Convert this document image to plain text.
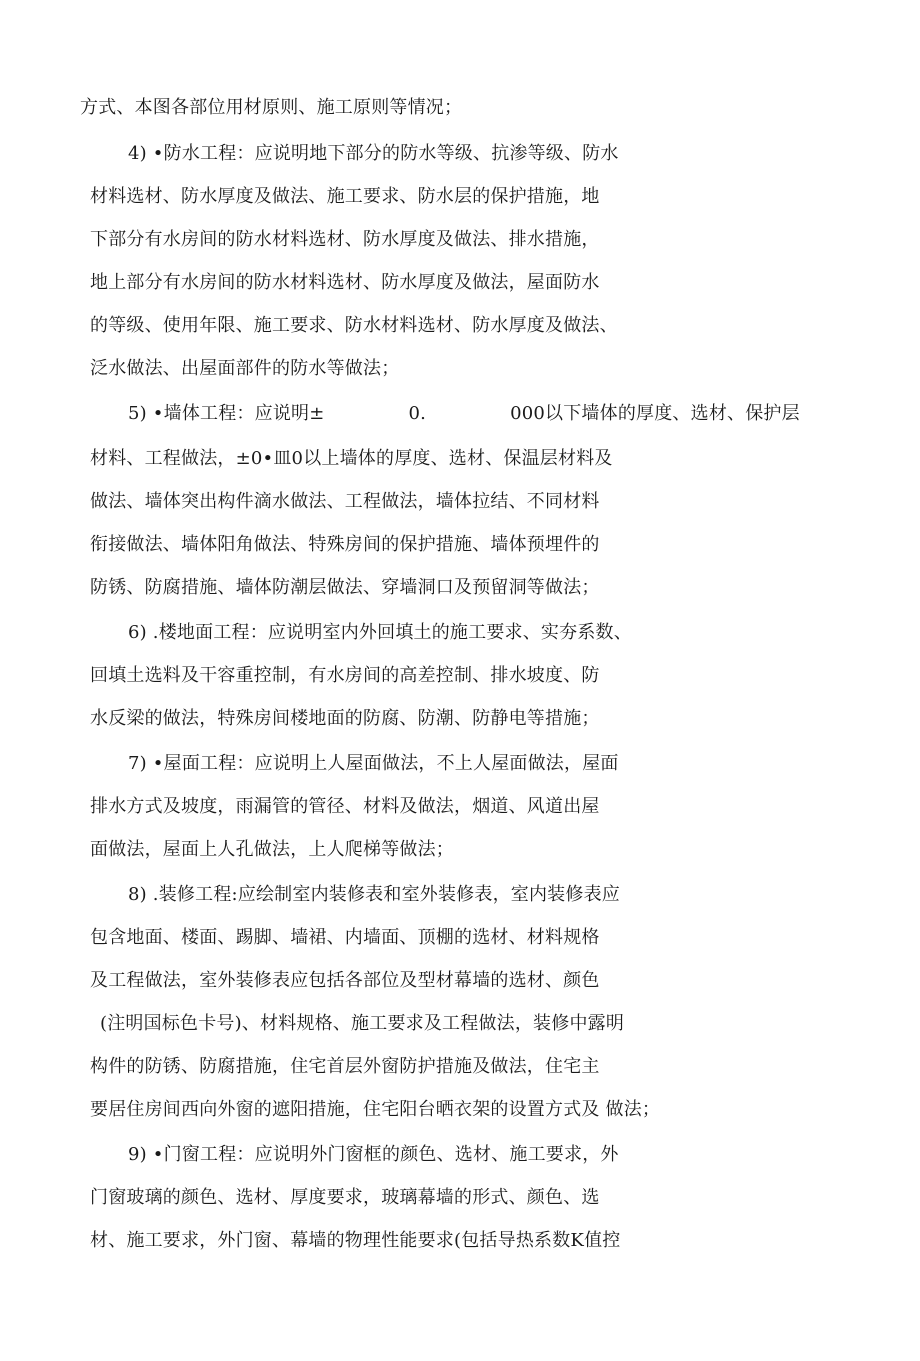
方式、本图各部位用材原则、施工原则等情况；
4) •防水工程：应说明地下部分的防水等级、抗渗等级、防水
材料选材、防水厚度及做法、施工要求、防水层的保护措施，地
下部分有水房间的防水材料选材、防水厚度及做法、排水措施，
地上部分有水房间的防水材料选材、防水厚度及做法，屋面防水
的等级、使用年限、施工要求、防水材料选材、防水厚度及做法、
泛水做法、出屋面部件的防水等做法；
5) •墙体工程：应说明±	0.	000以下墙体的厚度、选材、保护层
材料、工程做法，±0•皿0以上墙体的厚度、选材、保温层材料及
做法、墙体突出构件滴水做法、工程做法，墙体拉结、不同材料
衔接做法、墙体阳角做法、特殊房间的保护措施、墙体预埋件的
防锈、防腐措施、墙体防潮层做法、穿墙洞口及预留洞等做法；
6) .楼地面工程：应说明室内外回填土的施工要求、实夯系数、
回填土选料及干容重控制，有水房间的高差控制、排水坡度、防
水反梁的做法，特殊房间楼地面的防腐、防潮、防静电等措施；
7) •屋面工程：应说明上人屋面做法，不上人屋面做法，屋面
排水方式及坡度，雨漏管的管径、材料及做法，烟道、风道出屋
面做法，屋面上人孔做法，上人爬梯等做法；
8) .装修工程:应绘制室内装修表和室外装修表，室内装修表应
包含地面、楼面、踢脚、墙裙、内墙面、顶棚的选材、材料规格
及工程做法，室外装修表应包括各部位及型材幕墙的选材、颜色
(注明国标色卡号)、材料规格、施工要求及工程做法，装修中露明
构件的防锈、防腐措施，住宅首层外窗防护措施及做法，住宅主
要居住房间西向外窗的遮阳措施，住宅阳台晒衣架的设置方式及 做法；
9) •门窗工程：应说明外门窗框的颜色、选材、施工要求，外
门窗玻璃的颜色、选材、厚度要求，玻璃幕墙的形式、颜色、选
材、施工要求，外门窗、幕墙的物理性能要求(包括导热系数K值控
